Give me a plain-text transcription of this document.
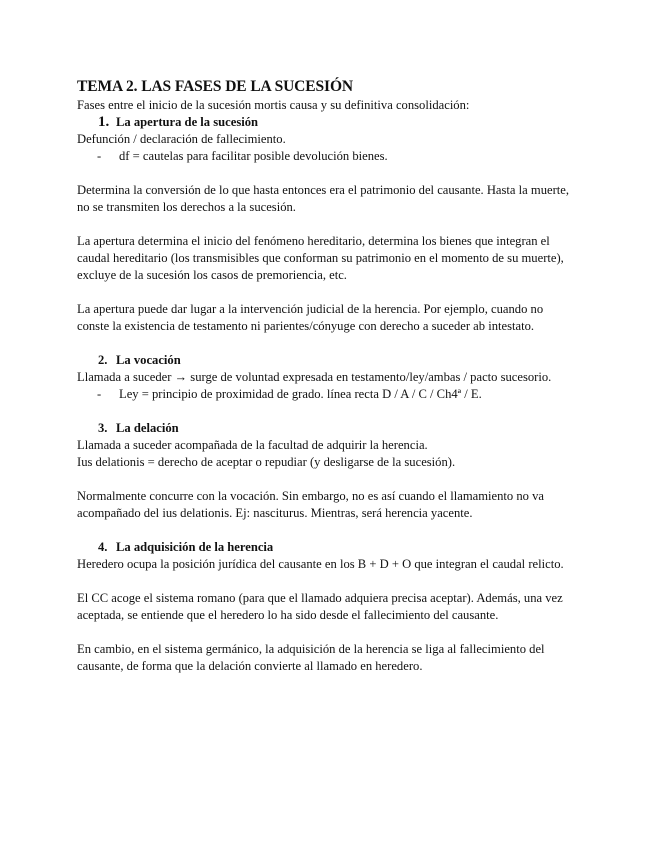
TEMA 2. LAS FASES DE LA SUCESIÓN

Fases entre el inicio de la sucesión mortis causa y su definitiva consolidación:

1. La apertura de la sucesión

Defunción / declaración de fallecimiento.

-	df = cautelas para facilitar posible devolución bienes.

Determina la conversión de lo que hasta entonces era el patrimonio del causante. Hasta la muerte, no se transmiten los derechos a la sucesión.

La apertura determina el inicio del fenómeno hereditario, determina los bienes que integran el caudal hereditario (los transmisibles que conforman su patrimonio en el momento de su muerte), excluye de la sucesión los casos de premoriencia, etc.

La apertura puede dar lugar a la intervención judicial de la herencia. Por ejemplo, cuando no conste la existencia de testamento ni parientes/cónyuge con derecho a suceder ab intestato.

2. La vocación

Llamada a suceder → surge de voluntad expresada en testamento/ley/ambas / pacto sucesorio.

-	Ley = principio de proximidad de grado. línea recta D / A / C / Ch4ª / E.
3. La delación

Llamada a suceder acompañada de la facultad de adquirir la herencia.

Ius delationis = derecho de aceptar o repudiar (y desligarse de la sucesión).

Normalmente concurre con la vocación. Sin embargo, no es así cuando el llamamiento no va acompañado del ius delationis. Ej: nasciturus. Mientras, será herencia yacente.

4. La adquisición de la herencia

Heredero ocupa la posición jurídica del causante en los B + D + O que integran el caudal relicto.

El CC acoge el sistema romano (para que el llamado adquiera precisa aceptar). Además, una vez aceptada, se entiende que el heredero lo ha sido desde el fallecimiento del causante.

En cambio, en el sistema germánico, la adquisición de la herencia se liga al fallecimiento del causante, de forma que la delación convierte al llamado en heredero.
